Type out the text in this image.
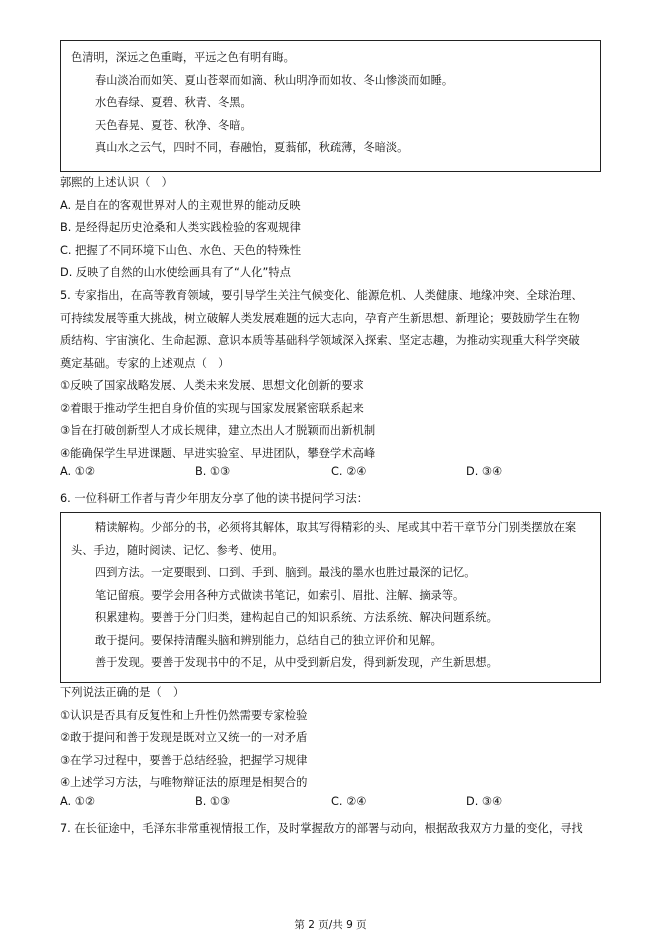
色清明，深远之色重晦，平远之色有明有晦。
春山淡冶而如笑、夏山苍翠而如滴、秋山明净而如妆、冬山惨淡而如睡。
水色春绿、夏碧、秋青、冬黑。
天色春晃、夏苍、秋净、冬暗。
真山水之云气，四时不同，春融怡，夏蓊郁，秋疏薄，冬暗淡。
郭熙的上述认识（　）
A. 是自在的客观世界对人的主观世界的能动反映
B. 是经得起历史沧桑和人类实践检验的客观规律
C. 把握了不同环境下山色、水色、天色的特殊性
D. 反映了自然的山水使绘画具有了“人化”特点
5. 专家指出，在高等教育领域，要引导学生关注气候变化、能源危机、人类健康、地缘冲突、全球治理、
可持续发展等重大挑战，树立破解人类发展难题的远大志向，孕育产生新思想、新理论；要鼓励学生在物
质结构、宇宙演化、生命起源、意识本质等基础科学领域深入探索、坚定志趣，为推动实现重大科学突破
奠定基础。专家的上述观点（　）
①反映了国家战略发展、人类未来发展、思想文化创新的要求
②着眼于推动学生把自身价值的实现与国家发展紧密联系起来
③旨在打破创新型人才成长规律，建立杰出人才脱颖而出新机制
④能确保学生早进课题、早进实验室、早进团队，攀登学术高峰
A. ①②	B. ①③	C. ②④	D. ③④
6. 一位科研工作者与青少年朋友分享了他的读书提问学习法：
精读解构。少部分的书，必须将其解体，取其写得精彩的头、尾或其中若干章节分门别类摆放在案
头、手边，随时阅读、记忆、参考、使用。
四到方法。一定要眼到、口到、手到、脑到。最浅的墨水也胜过最深的记忆。
笔记留痕。要学会用各种方式做读书笔记，如索引、眉批、注解、摘录等。
积累建构。要善于分门归类，建构起自己的知识系统、方法系统、解决问题系统。
敢于提问。要保持清醒头脑和辨别能力，总结自己的独立评价和见解。
善于发现。要善于发现书中的不足，从中受到新启发，得到新发现，产生新思想。
下列说法正确的是（　）
①认识是否具有反复性和上升性仍然需要专家检验
②敢于提问和善于发现是既对立又统一的一对矛盾
③在学习过程中，要善于总结经验，把握学习规律
④上述学习方法，与唯物辩证法的原理是相契合的
A. ①②	B. ①③	C. ②④	D. ③④
7. 在长征途中，毛泽东非常重视情报工作，及时掌握敌方的部署与动向，根据敌我双方力量的变化，寻找
第 2 页/共 9 页
